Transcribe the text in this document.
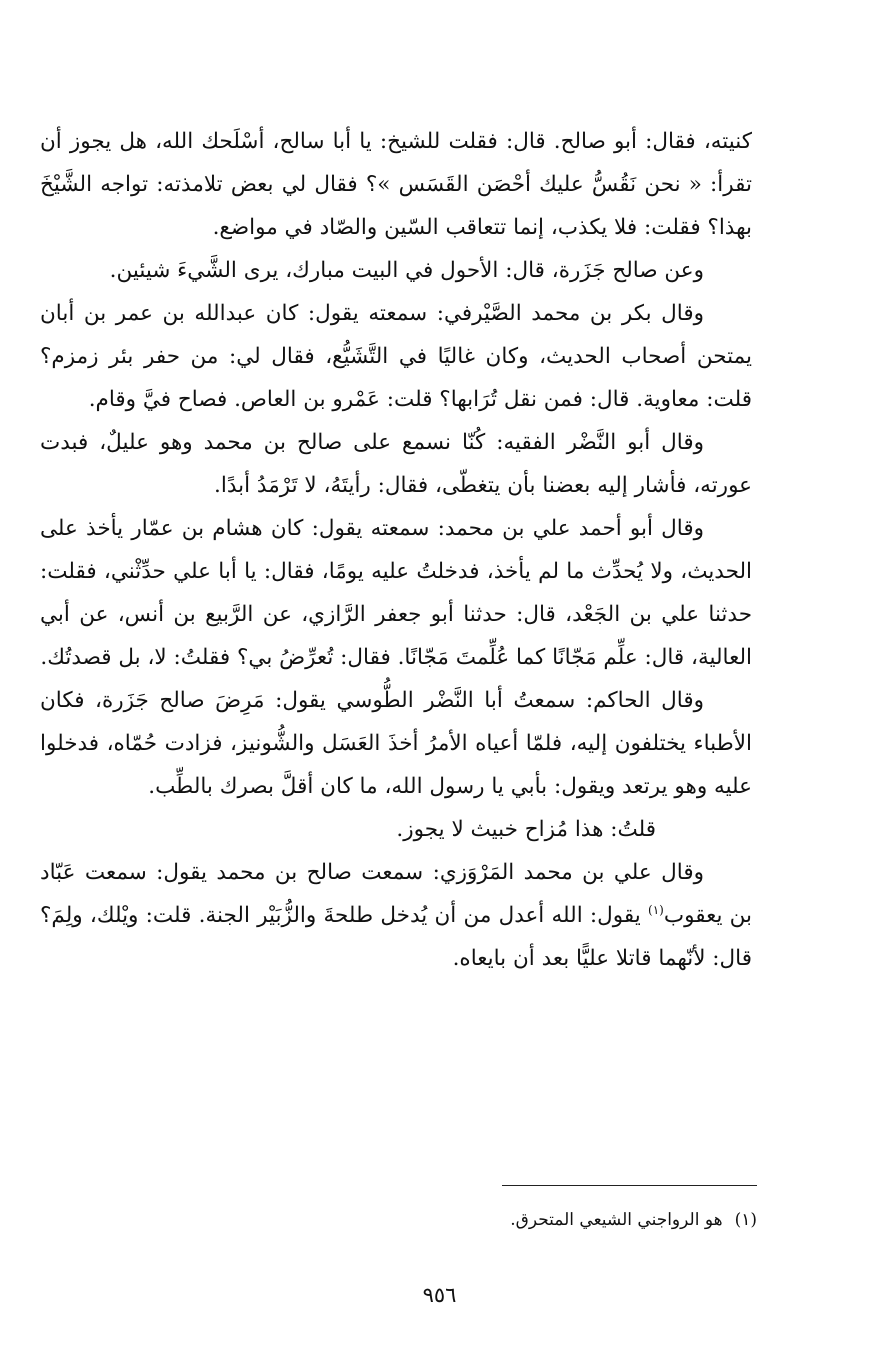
كنيته، فقال: أبو صالح. قال: فقلت للشيخ: يا أبا سالح، أسْلَحك الله، هل يجوز أن تقرأ: « نحن نَقُسُّ عليك أحْصَن القَسَس »؟ فقال لي بعض تلامذته: تواجه الشَّيْخَ بهذا؟ فقلت: فلا يكذب، إنما تتعاقب السّين والصّاد في مواضع.

وعن صالح جَزَرة، قال: الأحول في البيت مبارك، يرى الشَّيءَ شيئين.

وقال بكر بن محمد الصَّيْرفي: سمعته يقول: كان عبدالله بن عمر بن أبان يمتحن أصحاب الحديث، وكان غاليًا في التَّشَيُّع، فقال لي: من حفر بئر زمزم؟ قلت: معاوية. قال: فمن نقل تُرَابها؟ قلت: عَمْرو بن العاص. فصاح فيَّ وقام.

وقال أبو النَّضْر الفقيه: كُنّا نسمع على صالح بن محمد وهو عليلٌ، فبدت عورته، فأشار إليه بعضنا بأن يتغطّى، فقال: رأيتَهُ، لا تَرْمَدُ أبدًا.

وقال أبو أحمد علي بن محمد: سمعته يقول: كان هشام بن عمّار يأخذ على الحديث، ولا يُحدِّث ما لم يأخذ، فدخلتُ عليه يومًا، فقال: يا أبا علي حدِّثْني، فقلت: حدثنا علي بن الجَعْد، قال: حدثنا أبو جعفر الرَّازي، عن الرَّبيع بن أنس، عن أبي العالية، قال: علِّم مَجّانًا كما عُلِّمتَ مَجّانًا. فقال: تُعرِّضُ بي؟ فقلتُ: لا، بل قصدتُك.

وقال الحاكم: سمعتُ أبا النَّضْر الطُّوسي يقول: مَرِضَ صالح جَزَرة، فكان الأطباء يختلفون إليه، فلمّا أعياه الأمرُ أخذَ العَسَل والشُّونيز، فزادت حُمّاه، فدخلوا عليه وهو يرتعد ويقول: بأبي يا رسول الله، ما كان أقلَّ بصرك بالطِّب.

قلتُ: هذا مُزاح خبيث لا يجوز.

وقال علي بن محمد المَرْوَزي: سمعت صالح بن محمد يقول: سمعت عَبّاد بن يعقوب$^{(١)}$ يقول: الله أعدل من أن يُدخل طلحةَ والزُّبَيْر الجنة. قلت: ويْلك، ولِمَ؟ قال: لأنّهما قاتلا عليًّا بعد أن بايعاه.

(١)هو الرواجني الشيعي المتحرق.
٩٥٦
